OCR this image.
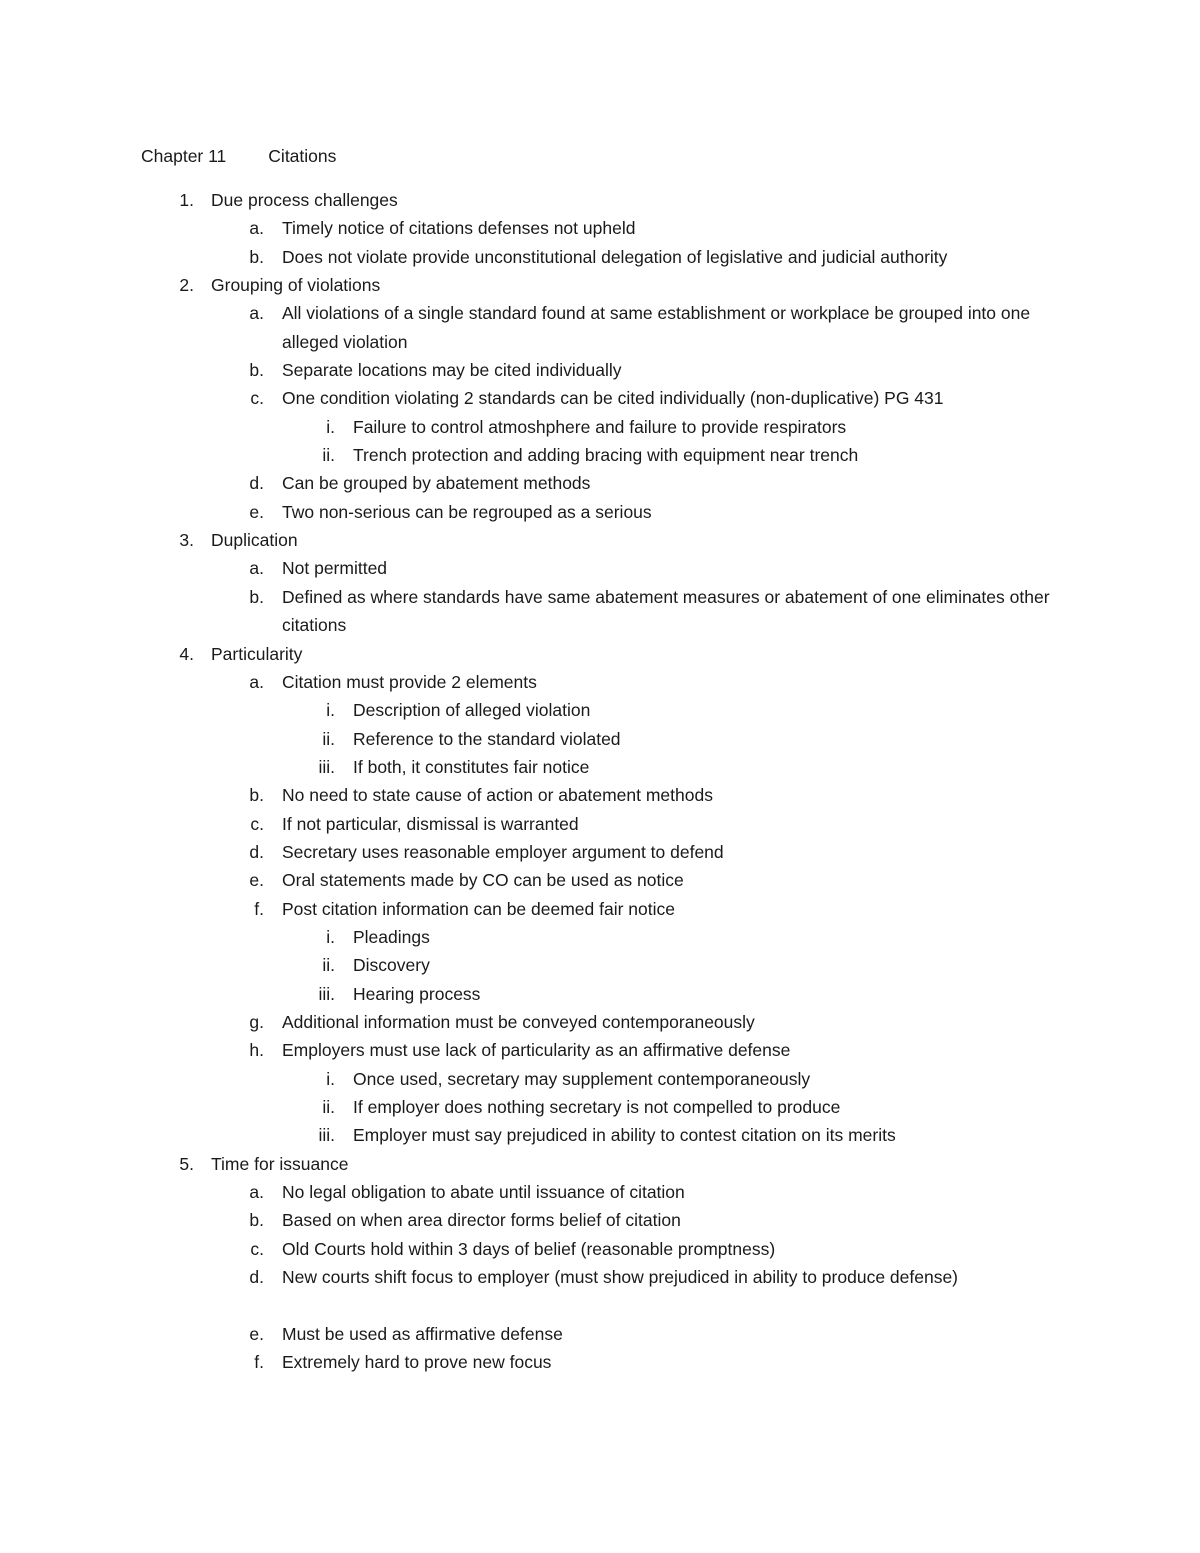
Chapter 11 Citations
1. Due process challenges
a. Timely notice of citations defenses not upheld
b. Does not violate provide unconstitutional delegation of legislative and judicial authority
2. Grouping of violations
a. All violations of a single standard found at same establishment or workplace be grouped into one alleged violation
b. Separate locations may be cited individually
c. One condition violating 2 standards can be cited individually (non-duplicative) PG 431
i. Failure to control atmoshphere and failure to provide respirators
ii. Trench protection and adding bracing with equipment near trench
d. Can be grouped by abatement methods
e. Two non-serious can be regrouped as a serious
3. Duplication
a. Not permitted
b. Defined as where standards have same abatement measures or abatement of one eliminates other citations
4. Particularity
a. Citation must provide 2 elements
i. Description of alleged violation
ii. Reference to the standard violated
iii. If both, it constitutes fair notice
b. No need to state cause of action or abatement methods
c. If not particular, dismissal is warranted
d. Secretary uses reasonable employer argument to defend
e. Oral statements made by CO can be used as notice
f. Post citation information can be deemed fair notice
i. Pleadings
ii. Discovery
iii. Hearing process
g. Additional information must be conveyed contemporaneously
h. Employers must use lack of particularity as an affirmative defense
i. Once used, secretary may supplement contemporaneously
ii. If employer does nothing secretary is not compelled to produce
iii. Employer must say prejudiced in ability to contest citation on its merits
5. Time for issuance
a. No legal obligation to abate until issuance of citation
b. Based on when area director forms belief of citation
c. Old Courts hold within 3 days of belief (reasonable promptness)
d. New courts shift focus to employer (must show prejudiced in ability to produce defense)
e. Must be used as affirmative defense
f. Extremely hard to prove new focus
